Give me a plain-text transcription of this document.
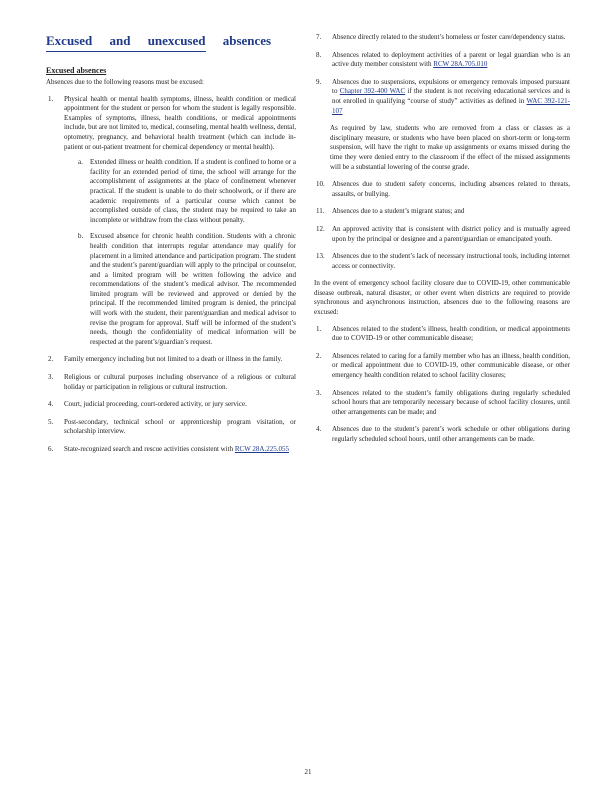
Excused and unexcused absences
Excused absences

Absences due to the following reasons must be excused:

1. Physical health or mental health symptoms, illness, health condition or medical appointment for the student or person for whom the student is legally responsible. Examples of symptoms, illness, health conditions, or medical appointments include, but are not limited to, medical, counseling, mental health wellness, dental, optometry, pregnancy, and behavioral health treatment (which can include in-patient or out-patient treatment for chemical dependency or mental health).
a. Extended illness or health condition. If a student is confined to home or a facility for an extended period of time, the school will arrange for the accomplishment of assignments at the place of confinement whenever practical. If the student is unable to do their schoolwork, or if there are academic requirements of a particular course which cannot be accomplished outside of class, the student may be required to take an incomplete or withdraw from the class without penalty.
b. Excused absence for chronic health condition. Students with a chronic health condition that interrupts regular attendance may qualify for placement in a limited attendance and participation program. The student and the student’s parent/guardian will apply to the principal or counselor, and a limited program will be written following the advice and recommendations of the student’s medical advisor. The recommended limited program will be reviewed and approved or denied by the principal. If the recommended limited program is denied, the principal will work with the student, their parent/guardian and medical advisor to revise the program for approval. Staff will be informed of the student’s needs, though the confidentiality of medical information will be respected at the parent’s/guardian’s request.
2. Family emergency including but not limited to a death or illness in the family.
3. Religious or cultural purposes including observance of a religious or cultural holiday or participation in religious or cultural instruction.
4. Court, judicial proceeding, court-ordered activity, or jury service.
5. Post-secondary, technical school or apprenticeship program visitation, or scholarship interview.
6. State-recognized search and rescue activities consistent with RCW 28A.225.055
7. Absence directly related to the student’s homeless or foster care/dependency status.
8. Absences related to deployment activities of a parent or legal guardian who is an active duty member consistent with RCW 28A.705.010
9. Absences due to suspensions, expulsions or emergency removals imposed pursuant to Chapter 392-400 WAC if the student is not receiving educational services and is not enrolled in qualifying “course of study” activities as defined in WAC 392-121-107

As required by law, students who are removed from a class or classes as a disciplinary measure, or students who have been placed on short-term or long-term suspension, will have the right to make up assignments or exams missed during the time they were denied entry to the classroom if the effect of the missed assignments will be a substantial lowering of the course grade.

10. Absences due to student safety concerns, including absences related to threats, assaults, or bullying.
11. Absences due to a student’s migrant status; and
12. An approved activity that is consistent with district policy and is mutually agreed upon by the principal or designee and a parent/guardian or emancipated youth.
13. Absences due to the student’s lack of necessary instructional tools, including internet access or connectivity.

In the event of emergency school facility closure due to COVID-19, other communicable disease outbreak, natural disaster, or other event when districts are required to provide synchronous and asynchronous instruction, absences due to the following reasons are excused:

1. Absences related to the student’s illness, health condition, or medical appointments due to COVID-19 or other communicable disease;
2. Absences related to caring for a family member who has an illness, health condition, or medical appointment due to COVID-19, other communicable disease, or other emergency health condition related to school facility closures;
3. Absences related to the student’s family obligations during regularly scheduled school hours that are temporarily necessary because of school facility closures, until other arrangements can be made; and
4. Absences due to the student’s parent’s work schedule or other obligations during regularly scheduled school hours, until other arrangements can be made.
21
